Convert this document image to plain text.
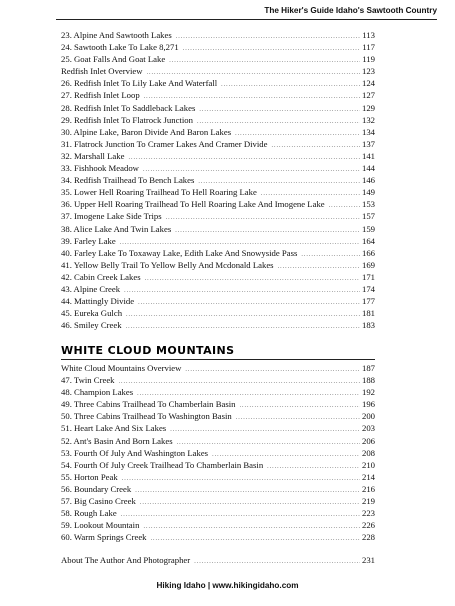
The Hiker's Guide Idaho's Sawtooth Country
23. Alpine And Sawtooth Lakes .....	113
24. Sawtooth Lake To Lake 8,271 .....	117
25. Goat Falls And Goat Lake .....	119
Redfish Inlet Overview .....	123
26. Redfish Inlet To Lily Lake And Waterfall .....	124
27. Redfish Inlet Loop .....	127
28. Redfish Inlet To Saddleback Lakes .....	129
29. Redfish Inlet To Flatrock Junction .....	132
30. Alpine Lake, Baron Divide And Baron Lakes .....	134
31. Flatrock Junction To Cramer Lakes And Cramer Divide .....	137
32. Marshall Lake .....	141
33. Fishhook Meadow .....	144
34. Redfish Trailhead To Bench Lakes .....	146
35. Lower Hell Roaring Trailhead To Hell Roaring Lake .....	149
36. Upper Hell Roaring Trailhead To Hell Roaring Lake And Imogene Lake .....	153
37. Imogene Lake Side Trips .....	157
38. Alice Lake And Twin Lakes .....	159
39. Farley Lake .....	164
40. Farley Lake To Toxaway Lake, Edith Lake And Snowyside Pass .....	166
41. Yellow Belly Trail To Yellow Belly And Mcdonald Lakes .....	169
42. Cabin Creek Lakes .....	171
43. Alpine Creek .....	174
44. Mattingly Divide .....	177
45. Eureka Gulch .....	181
46. Smiley Creek .....	183
WHITE CLOUD MOUNTAINS
White Cloud Mountains Overview .....	187
47. Twin Creek .....	188
48. Champion Lakes .....	192
49. Three Cabins Trailhead To Chamberlain Basin .....	196
50. Three Cabins Trailhead To Washington Basin .....	200
51. Heart Lake And Six Lakes .....	203
52. Ant's Basin And Born Lakes .....	206
53. Fourth Of July And Washington Lakes .....	208
54. Fourth Of July Creek Trailhead To Chamberlain Basin .....	210
55. Horton Peak .....	214
56. Boundary Creek .....	216
57. Big Casino Creek .....	219
58. Rough Lake .....	223
59. Lookout Mountain .....	226
60. Warm Springs Creek .....	228
About The Author And Photographer .....	231
Hiking Idaho | www.hikingidaho.com
